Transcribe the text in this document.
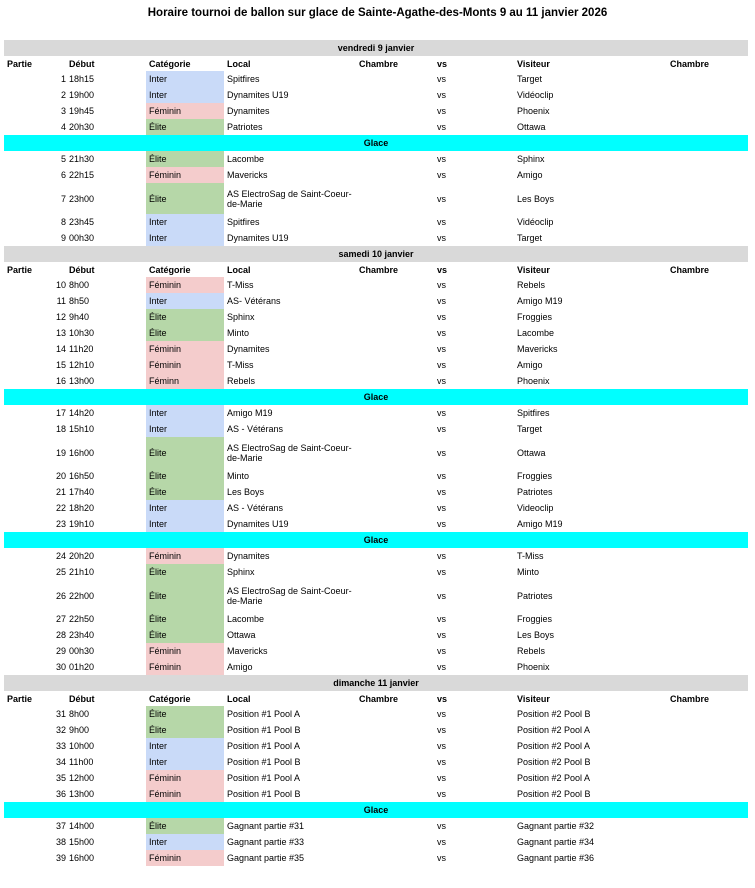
Horaire tournoi de ballon sur glace de Sainte-Agathe-des-Monts 9 au 11 janvier 2026
vendredi 9 janvier
Partie	Début	Catégorie	Local	Chambre	vs	Visiteur	Chambre
1 18h15	Inter	Spitfires	vs	Target
2 19h00	Inter	Dynamites U19	vs	Vidéoclip
3 19h45	Féminin	Dynamites	vs	Phoenix
4 20h30	Élite	Patriotes	vs	Ottawa
Glace
5 21h30	Élite	Lacombe	vs	Sphinx
6 22h15	Féminin	Mavericks	vs	Amigo
7 23h00	Élite	AS ElectroSag de Saint-Coeur-de-Marie	vs	Les Boys
8 23h45	Inter	Spitfires	vs	Vidéoclip
9 00h30	Inter	Dynamites U19	vs	Target
samedi 10 janvier
Partie	Début	Catégorie	Local	Chambre	vs	Visiteur	Chambre
10 8h00	Féminin	T-Miss	vs	Rebels
11 8h50	Inter	AS- Vétérans	vs	Amigo M19
12 9h40	Élite	Sphinx	vs	Froggies
13 10h30	Élite	Minto	vs	Lacombe
14 11h20	Féminin	Dynamites	vs	Mavericks
15 12h10	Féminin	T-Miss	vs	Amigo
16 13h00	Féminn	Rebels	vs	Phoenix
Glace
17 14h20	Inter	Amigo M19	vs	Spitfires
18 15h10	Inter	AS - Vétérans	vs	Target
19 16h00	Élite	AS ElectroSag de Saint-Coeur-de-Marie	vs	Ottawa
20 16h50	Élite	Minto	vs	Froggies
21 17h40	Élite	Les Boys	vs	Patriotes
22 18h20	Inter	AS - Vétérans	vs	Videoclip
23 19h10	Inter	Dynamites U19	vs	Amigo M19
Glace
24 20h20	Féminin	Dynamites	vs	T-Miss
25 21h10	Élite	Sphinx	vs	Minto
26 22h00	Élite	AS ElectroSag de Saint-Coeur-de-Marie	vs	Patriotes
27 22h50	Élite	Lacombe	vs	Froggies
28 23h40	Élite	Ottawa	vs	Les Boys
29 00h30	Féminin	Mavericks	vs	Rebels
30 01h20	Féminin	Amigo	vs	Phoenix
dimanche 11 janvier
Partie	Début	Catégorie	Local	Chambre	vs	Visiteur	Chambre
31 8h00	Élite	Position #1 Pool A	vs	Position #2 Pool B
32 9h00	Élite	Position #1 Pool B	vs	Position #2 Pool A
33 10h00	Inter	Position #1 Pool A	vs	Position #2 Pool A
34 11h00	Inter	Position #1 Pool B	vs	Position #2 Pool B
35 12h00	Féminin	Position #1 Pool A	vs	Position #2 Pool A
36 13h00	Féminin	Position #1 Pool B	vs	Position #2 Pool B
Glace
37 14h00	Élite	Gagnant partie #31	vs	Gagnant partie #32
38 15h00	Inter	Gagnant partie #33	vs	Gagnant partie #34
39 16h00	Féminin	Gagnant partie #35	vs	Gagnant partie #36
